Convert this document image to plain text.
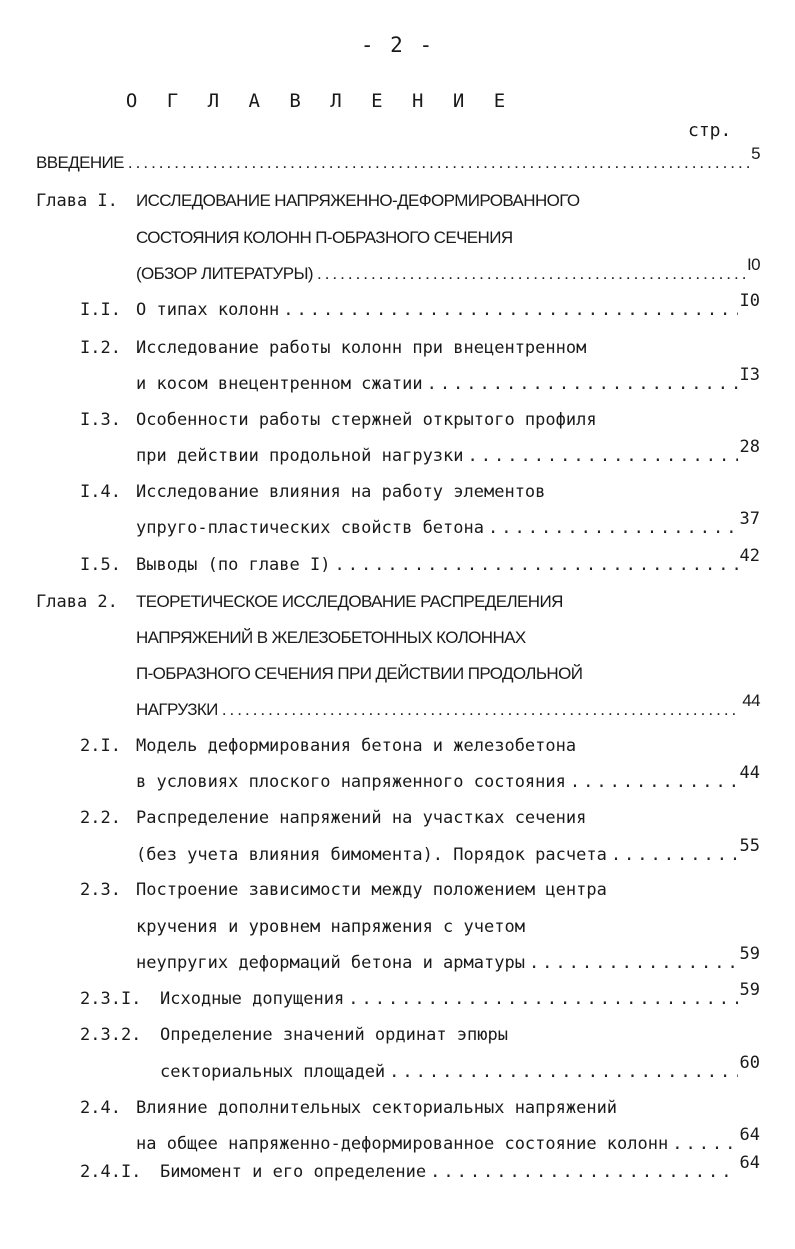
- 2 -
О Г Л А В Л Е Н И Е
стр.
ВВЕДЕНИЕ .....	5
Глава I. ИССЛЕДОВАНИЕ НАПРЯЖЕННО-ДЕФОРМИРОВАННОГО
СОСТОЯНИЯ КОЛОНН П-ОБРАЗНОГО СЕЧЕНИЯ
(ОБЗОР ЛИТЕРАТУРЫ) .....	I0
I.I. О типах колонн .....	I0
I.2. Исследование работы колонн при внецентренном
и косом внецентренном сжатии .....	I3
I.3. Особенности работы стержней открытого профиля
при действии продольной нагрузки .....	28
I.4. Исследование влияния на работу элементов
упруго-пластических свойств бетона .....	37
I.5. Выводы (по главе I) .....	42
Глава 2. ТЕОРЕТИЧЕСКОЕ ИССЛЕДОВАНИЕ РАСПРЕДЕЛЕНИЯ
НАПРЯЖЕНИЙ В ЖЕЛЕЗОБЕТОННЫХ КОЛОННАХ
П-ОБРАЗНОГО СЕЧЕНИЯ ПРИ ДЕЙСТВИИ ПРОДОЛЬНОЙ
НАГРУЗКИ .....	44
2.I. Модель деформирования бетона и железобетона
в условиях плоского напряженного состояния .....	44
2.2. Распределение напряжений на участках сечения
(без учета влияния бимомента). Порядок расчета .....	55
2.3. Построение зависимости между положением центра
кручения и уровнем напряжения с учетом
неупругих деформаций бетона и арматуры .....	59
2.3.I. Исходные допущения .....	59
2.3.2. Определение значений ординат эпюры
секториальных площадей .....	60
2.4. Влияние дополнительных секториальных напряжений
на общее напряженно-деформированное состояние колонн .....	64
2.4.I. Бимомент и его определение .....	64
